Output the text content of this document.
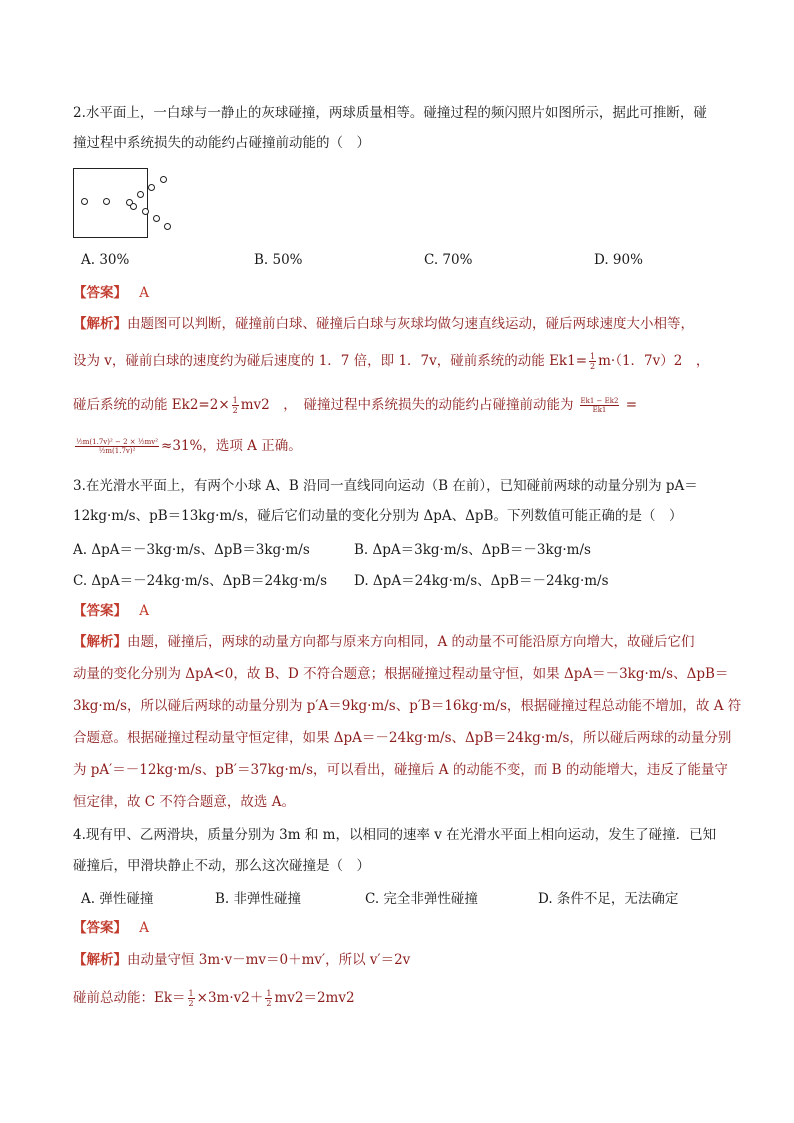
2.水平面上，一白球与一静止的灰球碰撞，两球质量相等。碰撞过程的频闪照片如图所示，据此可推断，碰
撞过程中系统损失的动能约占碰撞前动能的（　）
A. 30%	B. 50%	C. 70%	D. 90%
【答案】 A
【解析】由题图可以判断，碰撞前白球、碰撞后白球与灰球均做匀速直线运动，碰后两球速度大小相等，
设为 v，碰前白球的速度约为碰后速度的 1．7 倍，即 1．7v，碰前系统的动能 $Ek1= \frac{1}{2} m\cdot(1$．7v）2　，
碰后系统的动能 $Ek2=2\times \frac{1}{2} mv2$　，　碰撞过程中系统损失的动能约占碰撞前动能为 $\frac{Ek1 - Ek2}{Ek1}$ =
$\frac{\text{½m(1.7v)² − 2 × ½mv²}}{\text{½m(1.7v)²}} \approx 31\%$，选项 A 正确。
3.在光滑水平面上，有两个小球 A、B 沿同一直线同向运动（B 在前），已知碰前两球的动量分别为 pA＝
12kg·m/s、pB＝13kg·m/s，碰后它们动量的变化分别为 ΔpA、ΔpB。下列数值可能正确的是（　）
A. ΔpA＝－3kg·m/s、ΔpB＝3kg·m/s	B. ΔpA＝3kg·m/s、ΔpB＝－3kg·m/s
C. ΔpA＝－24kg·m/s、ΔpB＝24kg·m/s D. ΔpA＝24kg·m/s、ΔpB＝－24kg·m/s
【答案】 A
【解析】由题，碰撞后，两球的动量方向都与原来方向相同，A 的动量不可能沿原方向增大，故碰后它们
动量的变化分别为 ΔpA<0，故 B、D 不符合题意；根据碰撞过程动量守恒，如果 ΔpA＝－3kg·m/s、ΔpB＝
3kg·m/s，所以碰后两球的动量分别为 p′A＝9kg·m/s、p′B＝16kg·m/s，根据碰撞过程总动能不增加，故 A 符
合题意。根据碰撞过程动量守恒定律，如果 ΔpA＝－24kg·m/s、ΔpB＝24kg·m/s，所以碰后两球的动量分别
为 pA′＝－12kg·m/s、pB′＝37kg·m/s，可以看出，碰撞后 A 的动能不变，而 B 的动能增大，违反了能量守
恒定律，故 C 不符合题意，故选 A。
4.现有甲、乙两滑块，质量分别为 3m 和 m，以相同的速率 v 在光滑水平面上相向运动，发生了碰撞．已知
碰撞后，甲滑块静止不动，那么这次碰撞是（　）
A. 弹性碰撞	B. 非弹性碰撞	C. 完全非弹性碰撞	D. 条件不足，无法确定
【答案】 A
【解析】由动量守恒 3m·v－mv＝0＋mv′，所以 v′＝2v
碰前总动能：$Ek= \frac{1}{2} \times 3m\cdot v2+ \frac{1}{2} mv2=2mv2$
